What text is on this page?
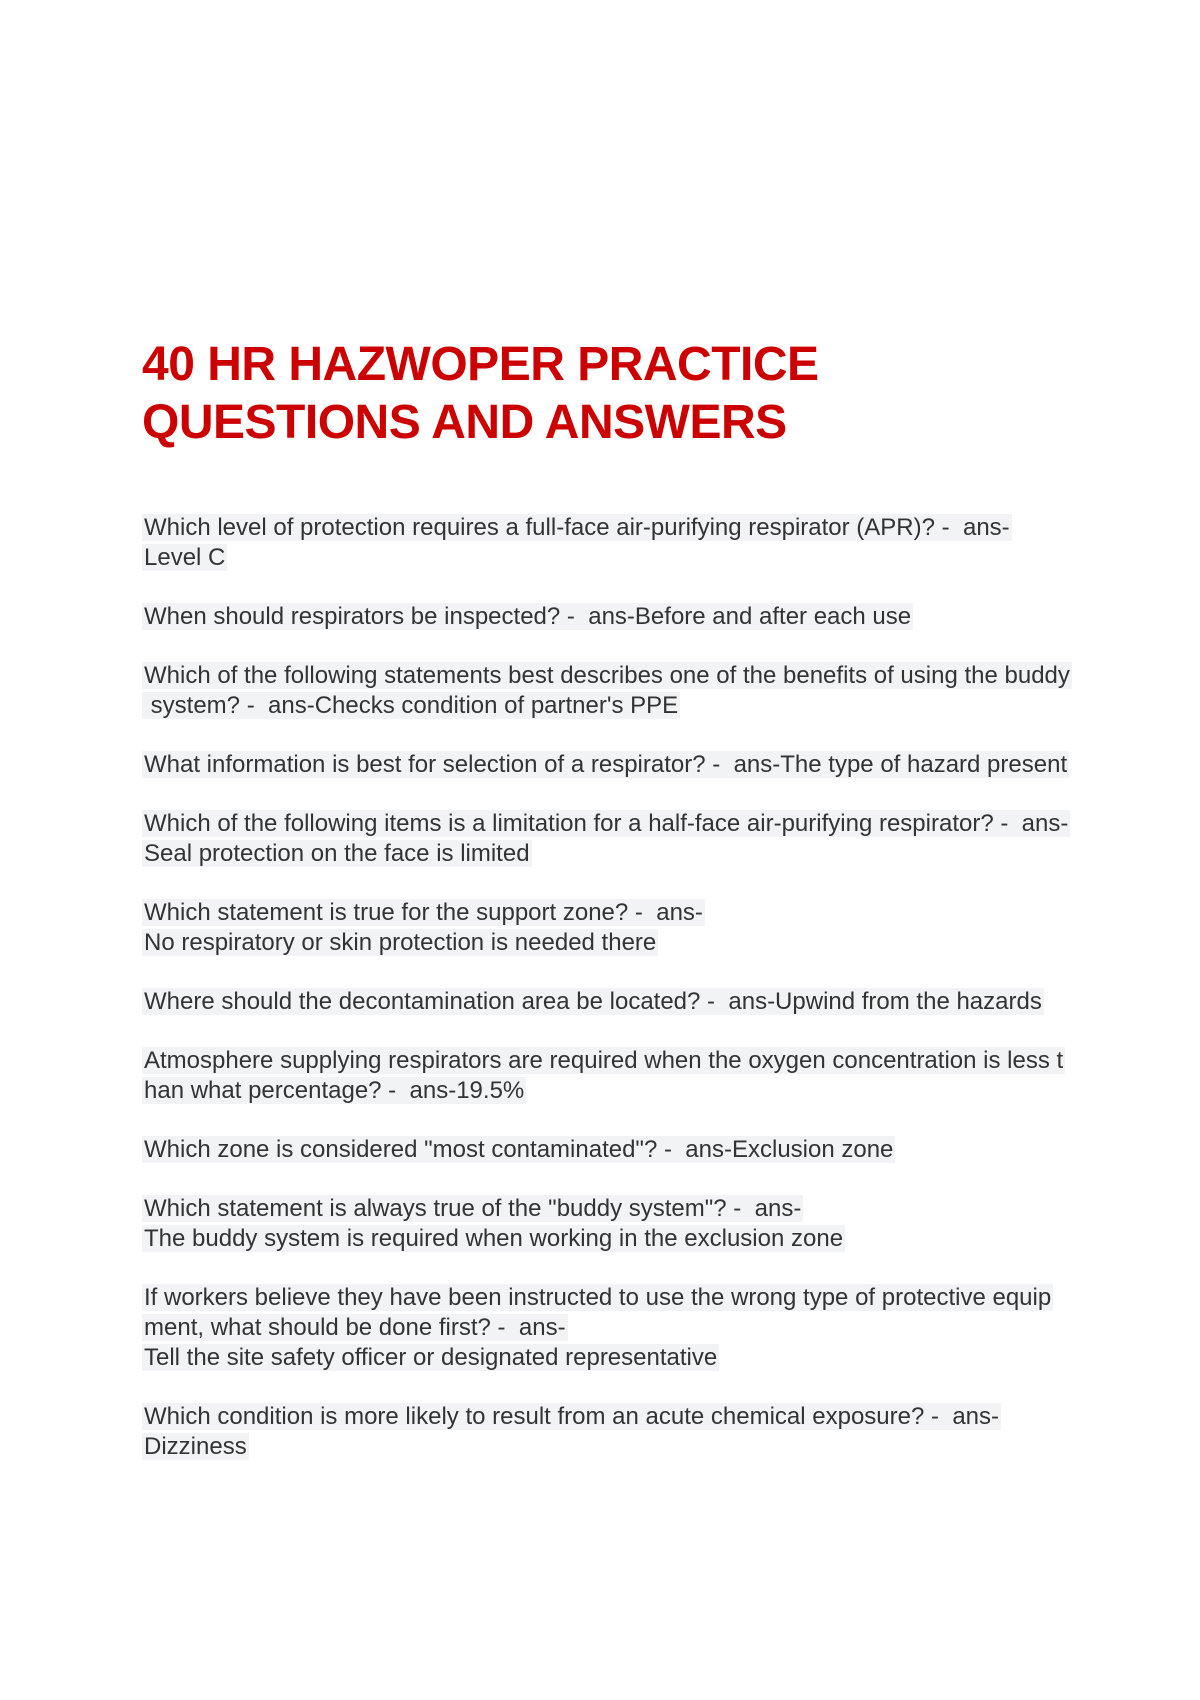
40 HR HAZWOPER PRACTICE
QUESTIONS AND ANSWERS
Which level of protection requires a full-face air-purifying respirator (APR)? -  ans-
Level C
When should respirators be inspected? -  ans-Before and after each use
Which of the following statements best describes one of the benefits of using the buddy
system? -  ans-Checks condition of partner's PPE
What information is best for selection of a respirator? -  ans-The type of hazard present
Which of the following items is a limitation for a half-face air-purifying respirator? -  ans-
Seal protection on the face is limited
Which statement is true for the support zone? -  ans-
No respiratory or skin protection is needed there
Where should the decontamination area be located? -  ans-Upwind from the hazards
Atmosphere supplying respirators are required when the oxygen concentration is less t
han what percentage? -  ans-19.5%
Which zone is considered "most contaminated"? -  ans-Exclusion zone
Which statement is always true of the "buddy system"? -  ans-
The buddy system is required when working in the exclusion zone
If workers believe they have been instructed to use the wrong type of protective equip
ment, what should be done first? -  ans-
Tell the site safety officer or designated representative
Which condition is more likely to result from an acute chemical exposure? -  ans-
Dizziness
